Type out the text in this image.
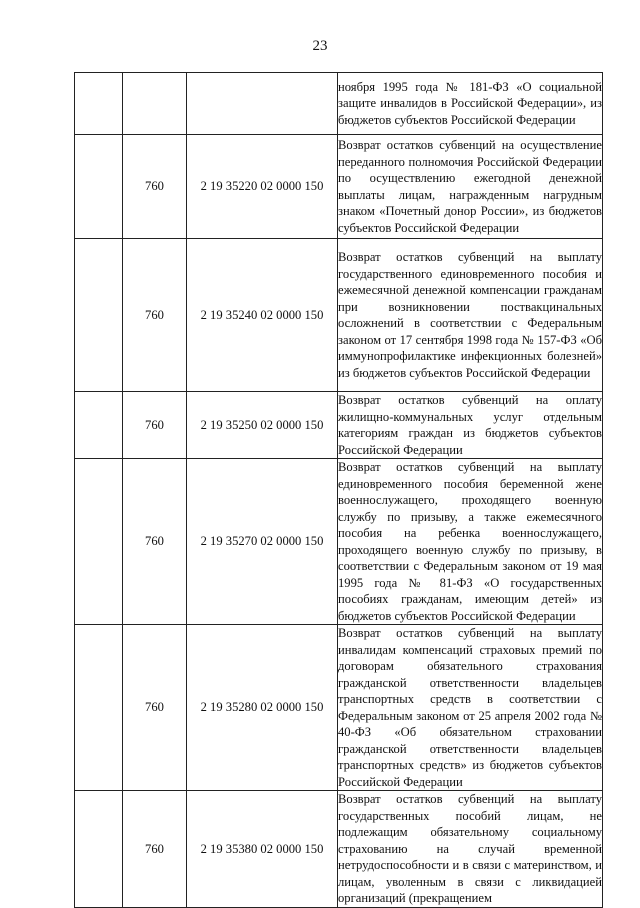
23

			ноября 1995 года № 181-ФЗ «О социальной защите инвалидов в Российской Федерации», из бюджетов субъектов Российской Федерации

	760	2 19 35220 02 0000 150	Возврат остатков субвенций на осуществление переданного полномочия Российской Федерации по осуществлению ежегодной денежной выплаты лицам, награжденным нагрудным знаком «Почетный донор России», из бюджетов субъектов Российской Федерации

	760	2 19 35240 02 0000 150	Возврат остатков субвенций на выплату государственного единовременного пособия и ежемесячной денежной компенсации гражданам при возникновении поствакцинальных осложнений в соответствии с Федеральным законом от 17 сентября 1998 года № 157-ФЗ «Об иммунопрофилактике инфекционных болезней» из бюджетов субъектов Российской Федерации

	760	2 19 35250 02 0000 150	Возврат остатков субвенций на оплату жилищно-коммунальных услуг отдельным категориям граждан из бюджетов субъектов Российской Федерации

	760	2 19 35270 02 0000 150	Возврат остатков субвенций на выплату единовременного пособия беременной жене военнослужащего, проходящего военную службу по призыву, а также ежемесячного пособия на ребенка военнослужащего, проходящего военную службу по призыву, в соответствии с Федеральным законом от 19 мая 1995 года № 81-ФЗ «О государственных пособиях гражданам, имеющим детей» из бюджетов субъектов Российской Федерации

	760	2 19 35280 02 0000 150	Возврат остатков субвенций на выплату инвалидам компенсаций страховых премий по договорам обязательного страхования гражданской ответственности владельцев транспортных средств в соответствии с Федеральным законом от 25 апреля 2002 года № 40-ФЗ «Об обязательном страховании гражданской ответственности владельцев транспортных средств» из бюджетов субъектов Российской Федерации

	760	2 19 35380 02 0000 150	Возврат остатков субвенций на выплату государственных пособий лицам, не подлежащим обязательному социальному страхованию на случай временной нетрудоспособности и в связи с материнством, и лицам, уволенным в связи с ликвидацией организаций (прекращением
